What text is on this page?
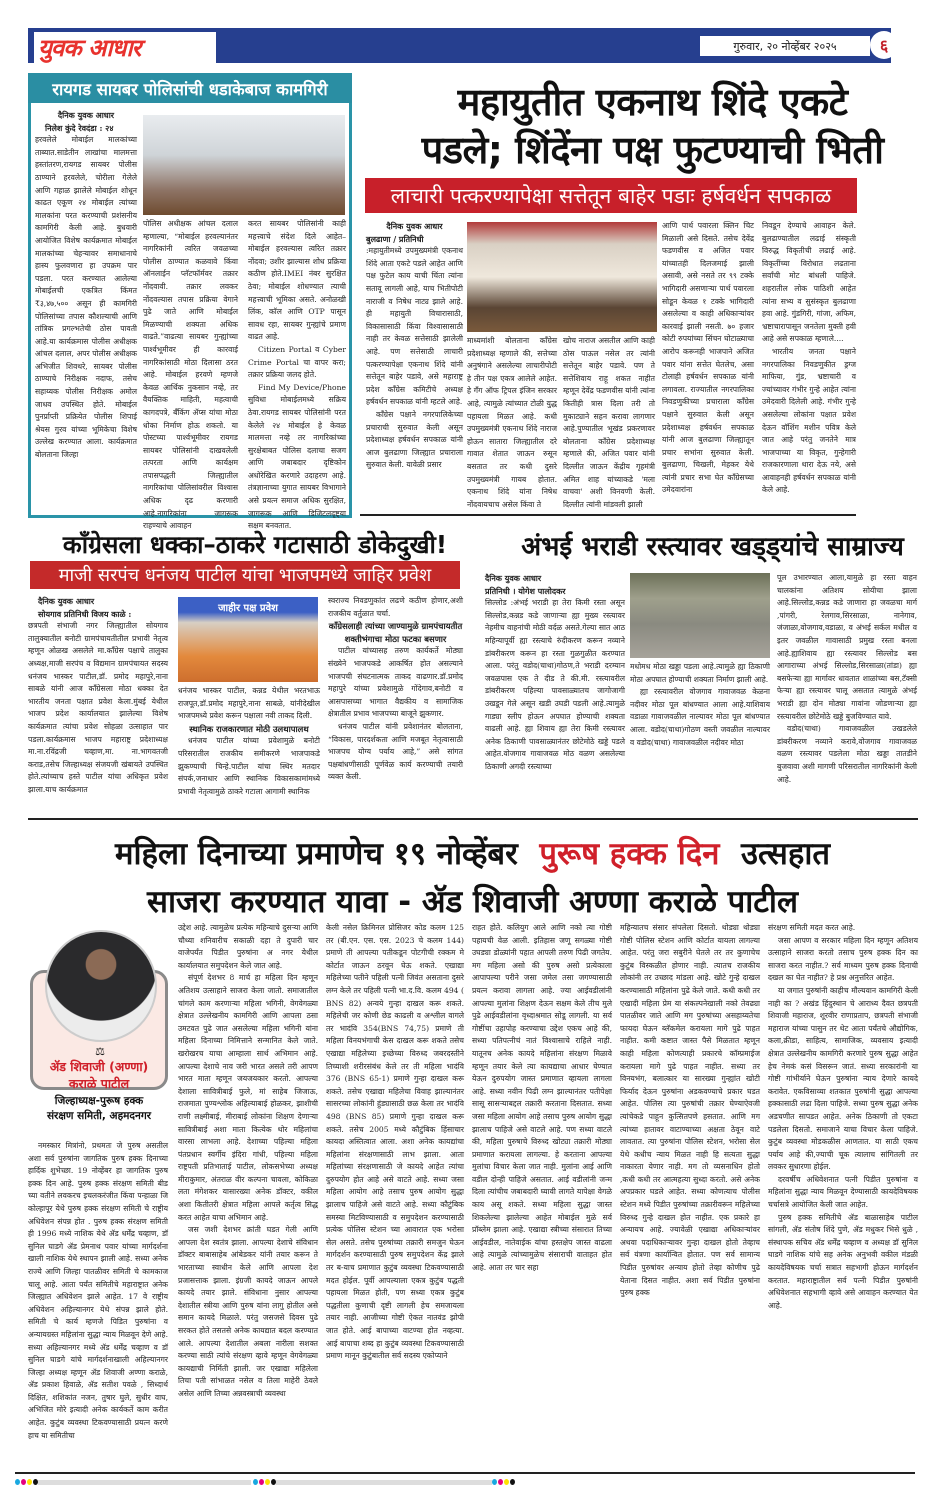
युवक आधार	गुरुवार, २० नोव्हेंबर २०२५	६
रायगड सायबर पोलिसांची धडाकेबाज कामगिरी
दैनिक युवक आधार
निलेश कुंदे रेवदंडा : २४
हरवलेले मोबाईल मालकांच्या ताब्यात.साडेतीन लाखांचा मालमत्ता हस्तांतरण,रायगड सायबर पोलीस ठाण्याने हरवलेले, चोरीला गेलेले आणि गहाळ झालेले मोबाईल शोधून काढत एकूण २४ मोबाईल त्यांच्या मालकांना परत करण्याची प्रशंसनीय कामगिरी केली आहे. बुधवारी आयोजित विशेष कार्यक्रमात मोबाईल मालकांच्या चेहऱ्यावर समाधानाचे हास्य फुलवणारा हा उपक्रम पार पडला. परत करण्यात आलेल्या मोबाईलची एकत्रित किंमत ₹३,४७,५०० असून ही कामगिरी पोलिसांच्या तपास कौशल्याची आणि तांत्रिक प्रगल्भतेची ठोस पावती आहे.या कार्यक्रमास पोलीस अधीक्षक आंचल दलाल, अपर पोलीस अधीक्षक अभिजीत शिवथरे, सायबर पोलीस ठाण्याचे निरीक्षक नदाफ, तसेच सहाय्यक पोलीस निरीक्षक अमोल जाधव उपस्थित होते. मोबाईल पुनर्प्राप्ती प्रक्रियेत पोलीस शिपाई श्रेयस गुरव यांच्या भूमिकेचा विशेष उल्लेख करण्यात आला. कार्यक्रमात बोलताना जिल्हा
पोलिस अधीक्षक आंचल दलाल म्हणाल्या, “मोबाईल हरवल्यानंतर नागरिकांनी त्वरित जवळच्या पोलीस ठाण्यात कळवावे किंवा ऑनलाईन प्लॅटफॉर्मवर तक्रार नोंदवावी. तक्रार लवकर नोंदवल्यास तपास प्रक्रिया वेगाने पुढे जाते आणि मोबाईल मिळण्याची शक्यता अधिक वाढते.”वाढत्या सायबर गुन्ह्यांच्या पार्श्वभूमीवर ही कारवाई नागरिकांसाठी मोठा दिलासा ठरत आहे. मोबाईल हरवणे म्हणजे केवळ आर्थिक नुकसान नव्हे, तर वैयक्तिक माहिती, महत्वाची कागदपत्रे, बँकिंग ॲप्स यांचा मोठा धोका निर्माण होऊ शकतो. या पोस्टच्या पार्श्वभूमीवर रायगड सायबर पोलिसांनी दाखवलेली तत्परता आणि कार्यक्षम तपासपद्धती जिल्ह्यातील नागरिकांचा पोलिसांवरील विश्वास अधिक दृढ करणारी आहे.नागरिकांना जागरूक राहण्याचे आवाहन
करत सायबर पोलिसांनी काही महत्त्वाचे संदेश दिले आहेत– मोबाईल हरवल्यास त्वरित तक्रार नोंदवा; उशीर झाल्यास शोध प्रक्रिया कठीण होते.IMEI नंबर सुरक्षित ठेवा; मोबाईल शोधण्यात त्याची महत्त्वाची भूमिका असते. अनोळखी लिंक, कॉल आणि OTP पासून सावध रहा, सायबर गुन्ह्यांचे प्रमाण वाढत आहे.

Citizen Portal व Cyber Crime Portal चा वापर करा; तक्रार प्रक्रिया जलद होते.

Find My Device/Phone सुविधा मोबाईलमध्ये सक्रिय ठेवा.रायगड सायबर पोलिसांनी परत केलेले २४ मोबाईल हे केवळ मालमत्ता नव्हे तर नागरिकांच्या सुरक्षेबाबत पोलिस दलाचा सजग आणि जबाबदार दृष्टिकोन अधोरेखित करणारे उदाहरण आहे. तंत्रज्ञानाच्या युगात सायबर विभागाने असे प्रयत्न समाज अधिक सुरक्षित, जागरूक आणि डिजिटलदृष्ट्या सक्षम बनवतात.

महायुतीत एकनाथ शिंदे एकटे
पडले; शिंदेंना पक्ष फुटण्याची भिती
लाचारी पत्करण्यापेक्षा सत्तेतून बाहेर पडाः हर्षवर्धन सपकाळ
दैनिक युवक आधार
बुलढाणा / प्रतिनिधी
:महायुतीमध्ये उपमुख्यमंत्री एकनाथ शिंदे आता एकटे पडले आहेत आणि पक्ष फुटेल काय याची चिंता त्यांना सतावू लागली आहे, याच भितीपोटी नाराजी व निषेध नाट्य झाले आहे. ही महायुती विचारासाठी, विकासासाठी किंवा विश्वासासाठी नाही तर केवळ सत्तेसाठी झालेली आहे. पण सत्तेसाठी लाचारी पत्करण्यापेक्षा एकनाथ शिंदे यांनी सत्तेतून बाहेर पडावे, असे महाराष्ट्र प्रदेश काँग्रेस कमिटीचे अध्यक्ष हर्षवर्धन सपकाळ यांनी म्हटले आहे.

काँग्रेस पक्षाने नगरपालिकेच्या प्रचाराची सुरुवात केली असून प्रदेशाध्यक्ष हर्षवर्धन सपकाळ यांनी आज बुलढाणा जिल्ह्यात प्रचाराला सुरुवात केली. यावेळी प्रसार

माध्यमांशी बोलताना काँग्रेस प्रदेशाध्यक्ष म्हणाले की, सत्तेच्या अनुषंगाने असलेल्या लाचारीपोटी हे तीन पक्ष एकत्र आलेले आहेत. हे गँग ऑफ ट्रिपल इंजिन सरकार आहे, त्यामुळे त्यांच्यात टोळी युद्ध पहायला मिळत आहे. कधी उपमुख्यमंत्री एकनाथ शिंदे नाराज होऊन सातारा जिल्ह्यातील दरे गावात शेतात जाऊन रुसून बसतात तर कधी दुसरे उपमुख्यमंत्री गायब होतात. एकनाथ शिंदे यांना निषेध नोंदवायचाच असेल किंवा ते
खोच नाराज असतील आणि काही ठोस पाऊल नसेल तर त्यांनी सत्तेतून बाहेर पडावे. पण ते सत्तेशिवाय राहू शकत नाहीत म्हणून देवेंद्र फडणवीस यांनी त्यांना कितीही त्रास दिला तरी तो मुकाट्याने सहन करावा लागणार आहे.पुण्यातील भूखंड प्रकरणावर बोलताना काँग्रेस प्रदेशाध्यक्ष म्हणाले की, अजित पवार यांनी दिल्लीत जाऊन केंद्रीय गृहमंत्री अमित शाह यांच्याकडे 'मला वाचवा' अशी विनवणी केली. दिल्लीत त्यांनी मांडवली झाली
आणि पार्थ पवारला क्लिन चिट मिळाली असे दिसते. तसेच देवेंद्र फडणवीस व अजित पवार यांच्यातही दिलजमाई झाली असावी, असे नसते तर ९९ टक्के भागिदारी असणाऱ्या पार्थ पवारला सोडून केवळ १ टक्के भागिदारी असलेल्या व काही अधिकाऱ्यांवर कारवाई झाली नसती. ७० हजार कोटी रुपयांच्या सिंचन घोटाळ्याचा आरोप करूनही भाजपाने अजित पवार यांना सत्तेत घेतलेच, असा टोलाही हर्षवर्धन सपकाळ यांनी लगावला. राज्यातील नगरपालिका निवडणुकीच्या प्रचाराला काँग्रेस पक्षाने सुरुवात केली असून प्रदेशाध्यक्ष हर्षवर्धन सपकाळ यांनी आज बुलढाणा जिल्ह्यातून प्रचार सभांना सुरुवात केली. बुलढाणा, चिखली, मेहकर येथे त्यांनी प्रचार सभा घेत काँग्रेसच्या उमेदवारांना
निवडून देण्याचे आवाहन केले. बुलढाण्यातील लढाई संस्कृती विरुद्ध विकृतीची लढाई आहे. विकृतींच्या विरोधात लढताना सर्वांची मोट बांधली पाहिजे. शहरातील लोक पाठिशी आहेत त्यांना सभ्य व सुसंस्कृत बुलढाणा हवा आहे. गुंडगिरी, गांजा, अफिम, भ्रष्टाचारापासून जनतेला मुक्ती हवी आहे असे सपकाळ म्हणाले....

भारतीय जनता पक्षाने नगरपालिका निवडणुकीत ड्रग्ज माफिया, गुंड, भ्रष्टाचारी व ज्यांच्यावर गंभीर गुन्हे आहेत त्यांना उमेदवारी दिलेली आहे. गंभीर गुन्हे असलेल्या लोकांना पक्षात प्रवेश देऊन वॉशिंग मशीन पवित्र केले जात आहे परंतु जनतेने मात्र भाजपाच्या या विकृत, गुन्हेगारी राजकारणाला थारा देऊ नये, असे आवाहनही हर्षवर्धन सपकाळ यांनी केले आहे.

काँग्रेसला धक्का–ठाकरे गटासाठी डोकेदुखी!
माजी सरपंच धनंजय पाटील यांचा भाजपमध्ये जाहिर प्रवेश
दैनिक युवक आधार
सोयगाव प्रतिनिधी विजय काळे :
छत्रपती संभाजी नगर जिल्ह्यातील सोयगाव तालुक्यातील बनोटी ग्रामपंचायतीतील प्रभावी नेतृत्व म्हणून ओळख असलेले मा.काँग्रेस पक्षाचे तालुका अध्यक्ष,माजी सरपंच व विद्यमान ग्रामपंचायत सदस्य धनंजय भास्कर पाटील,डॉ. प्रमोद महापुरे,नाना साबळे यांनी आज काँग्रेसला मोठा धक्का देत भारतीय जनता पक्षात प्रवेश केला.मुंबई येथील भाजप प्रदेश कार्यालयात झालेल्या विशेष कार्यक्रमात त्यांचा प्रवेश सोहळा उत्साहात पार पडला.कार्यक्रमास भाजप महाराष्ट्र प्रदेशाध्यक्ष मा.ना.रविंद्रजी चव्हाण,मा. ना.भागवतजी कराड,तसेच जिल्हाध्यक्ष संजयजी खंबायते उपस्थित होते.त्यांच्याच हस्ते पाटील यांचा अधिकृत प्रवेश झाला.याच कार्यक्रमात
जाहीर पक्ष प्रवेश
धनंजय भास्कर पाटील, कन्नड येथील भरतभाऊ राजपूत,डॉ.प्रमोद महापुरे,नाना साबळे, यांनीदेखील भाजपमध्ये प्रवेश करून पक्षाला नवी ताकद दिली.
स्थानिक राजकारणात मोठी उलथापालथ

धनंजय पाटील यांच्या प्रवेशामुळे बनोटी परिसरातील राजकीय समीकरणे भाजपाकडे झुकण्याची चिन्हे.पाटील यांचा स्थिर मतदार संपर्क,जनाधार आणि स्थानिक विकासकामांमध्ये प्रभावी नेतृत्वामुळे ठाकरे गटाला आगामी स्थानिक

स्वराज्य निवडणुकांत लढणे कठीण होणार,अशी राजकीय वर्तुळात चर्चा.
काँग्रेसलाही त्यांच्या जाण्यामुळे ग्रामपंचायतीत शक्तीभंगाचा मोठा फटका बसणार

पाटील यांच्यासह तरुण कार्यकर्ते मोठ्या संख्येने भाजपकडे आकर्षित होत असल्याने भाजपची संघटनात्मक ताकद वाढणार.डॉ.प्रमोद महापुरे यांच्या प्रवेशामुळे गोंदेगाव,बनोटी व आसपासच्या भागात वैद्यकीय व सामाजिक क्षेत्रातील प्रभाव भाजपच्या बाजूने झुकणार.

धनंजय पाटील यांनी प्रवेशानंतर बोलताना, “विकास, पारदर्शकता आणि मजबूत नेतृत्वासाठी भाजपच योग्य पर्याय आहे,” असे सांगत पक्षबांधणीसाठी पूर्णवेळ कार्य करण्याची तयारी व्यक्त केली.

अंभई भराडी रस्त्यावर खड्ड्यांचे साम्राज्य
दैनिक युवक आधार
प्रतिनिधी । योगेश पालोदकर
सिल्लोड :अंभई भराडी हा तेरा किमी रस्ता असून सिल्लोड,कन्नड कडे जाणाऱ्या ह्या मुख्य रस्त्यावर नेहमीच वाहनांची मोठी वर्दळ असते.गेल्या सात आठ महिन्यापूर्वी ह्या रस्त्याचे रुंदीकरण करून नव्याने डांबरीकरण करून हा रस्ता गुळगुळीत करण्यात आला. परंतु वडोद(चाथा)गोठण,ते भराडी दरम्यान जवळपास एक ते दीड ते की.मी. रस्त्यावरील डांबरीकरण पहिल्या पावसाळ्यातच जागोजागी उखडून गेले असून खडी उघडी पडली आहे.त्यामुळे गाड्या स्लीप होऊन अपघात होण्याची शक्यता वाढली आहे. ह्या शिवाय ह्या तेरा किमी रस्त्यावर अनेक ठिकाणी पावसाळ्यानंतर छोटेमोठे खड्डे पडले आहेत.वोजगाव गावाजवळ मोठ वळण असलेल्या ठिकाणी अगदी रस्त्याच्या
मधोमध मोठा खड्डा पडला आहे.त्यामुळे ह्या ठिकाणी मोठा अपघात होण्याची शक्यता निर्माण झाली आहे.

ह्या रस्त्यावरील वोजगाव गावाजवळ केळना नदीवर मोठा पूल बांधण्यात आला आहे.याशिवाय वडाळा गावाजवळील नाल्यावर मोठा पूल बांधण्यात आला. वडोद(चाथा)गोठण वस्ती जवळील नाल्यावर व वडोद(चाथा) गावाजवळील नदीवर मोठा

पूल उभारण्यात आला,यामुळे हा रस्ता वाहन चालकांना अतिशय सोयीचा झाला आहे.सिल्लोड,कन्नड कडे जाणारा हा जवळचा मार्ग ,पांगरी, रेलगाव,सिरसाळा, नानेगाव, जंजाळा,वोजगाव,वडाळा, व अंभई सर्कल मधील व इतर जवळील गावासाठी प्रमुख रस्ता बनला आहे.ह्याशिवाय ह्या रस्त्यावर सिल्लोड बस आगाराच्या अंभई सिल्लोड,सिरसाळा(तांडा) ह्या बसफेऱ्या ह्या मार्गावर धावतात शाळांच्या बस,टॅक्सी फेऱ्या ह्या रस्त्यावर चालू असतात त्यामुळे अंभई भराडी ह्या दोन मोठ्या गावांना जोडणाऱ्या ह्या रस्त्यावरील छोटेमोठे खड्डे बुजविण्यात यावे.

वडोद(चाथा) गावाजवळील उखडलेले डांबरीकरण नव्याने करावे,वोजगाव गावाजवळ वळण रस्त्यावर पडलेला मोठा खड्डा तातडीने बुजवावा अशी मागणी परिसरातील नागरिकांनी केली आहे.

महिला दिनाच्या प्रमाणेच १९ नोव्हेंबर पुरूष हक्क दिन उत्सहात
साजरा करण्यात यावा - ॲड शिवाजी अण्णा कराळे पाटील
⚖
ॲड शिवाजी (अण्णा)
कराळे पाटील
जिल्हाध्यक्ष-पुरूष हक्क
संरक्षण समिती, अहमदनगर

नमस्कार मित्रांनो, प्रथमतः जे पुरुष असतील अशा सर्व पुरुषांना जागतिक पुरुष हक्क दिनाच्या हार्दिक शुभेच्छा. 19 नोव्हेंबर हा जागतिक पुरुष हक्क दिन आहे. पुरुष हक्क संरक्षण समिती बीड च्या वतीने लवकरच इचलकरंजीत किंवा पन्हाळा जि कोल्हापूर येथे पुरुष हक्क संरक्षण समिती चे राष्ट्रीय अधिवेशन संपन्न होत . पुरुष हक्क संरक्षण समिती ही 1996 मध्ये नाशिक येथे ॲड धर्मेंद्र चव्हाण, डॉ सुनिल घाडगे ॲड प्रेमनाथ पवार यांच्या मार्गदर्शना खाली नाशिक येथे स्थापन झाली आहे. सध्या अनेक राज्ये आणि जिल्हा पातळीवर समिती चे कामकाज चालू आहे. आता पर्यंत समितीचे महाराष्ट्रात अनेक जिल्ह्यात अधिवेशन झाले आहेत. 17 वे राष्ट्रीय अधिवेशन अहिल्यानगर येथे संपन्न झाले होते. समिती चे कार्य म्हणजे पिडित पुरुषांना व अन्यायग्रस्त महिलांना सुद्धा न्याय मिळवून देणे आहे. सध्या अहिल्यानगर मध्ये ॲड धर्मेंद्र चव्हाण व डॉ सुनिल घाडगे यांचे मार्गदर्शनाखाली अहिल्यानगर जिल्हा अध्यक्ष म्हणून ॲड शिवाजी अण्णा कराळे, ॲड प्रकाश हिवाळे, ॲड सतीश पवळे , सिध्दार्थ दिक्षित, शशिकांत नजन, तुषार घुले, सुधीर वाघ, अभिजित मोरे इत्यादी अनेक कार्यकर्ते काम करीत आहेत. कुटुंब व्यवस्था टिकवण्यासाठी प्रयत्न करणे हाच या समितीचा

उद्देश आहे. त्यामुळेच प्रत्येक महिन्याचे दुसऱ्या आणि चौथ्या शनिवारीच सकाळी दहा ते दुपारी चार वाजेपर्यंत पिडीत पुरुषांना अ नगर येथील कार्यालयात समुपदेशन केले जात आहे.

संपूर्ण देशभर 8 मार्च हा महिला दिन म्हणून अतिशय उत्साहाने साजरा केला जातो. समाजातील चांगले काम करणाऱ्या महिला भगिनी, वेगवेगळ्या क्षेत्रात उल्लेखनीय कामगिरी आणि आपला ठसा उमटवत पुढे जात असलेल्या महिला भगिनी यांना महिला दिनाच्या निमित्ताने सन्मानित केले जाते. खरोखरच याचा आम्हाला सार्थ अभिमान आहे. आपल्या देशाचे नाव जरी भारत असले तरी आपण भारत माता म्हणून जयजयकार करतो. आपल्या देशाला सावित्रीबाई फुले, मां साहेब जिजाऊ, राजमाता पुण्यश्लोक अहिल्याबाई होळकर, झाशीची राणी लक्ष्मीबाई, मीराबाई लोकांना शिक्षण देणाऱ्या सावित्रीबाई अशा माता कित्येक थोर महिलांचा वारसा लाभला आहे. देशाच्या पहिल्या महिला पंतप्रधान स्वर्गीय इंदिरा गांधी, पहिल्या महिला राष्ट्रपती प्रतिभाताई पाटील, लोकसभेच्या अध्यक्ष मीराकुमार, अंतराळ वीर कल्पना चावला, कोकिळा लता मंगेशकर यासारख्या अनेक डॉक्टर, वकील अशा कितीतरी क्षेत्रात महिला आपले कर्तृत्व सिद्ध करत आहेत याचा अभिमान आहे.

जस जशी देशभर क्रांती घडत गेली आणि आपला देश स्वतंत्र झाला. आपल्या देशाचे संविधान डॉक्टर बाबासाहेब आंबेडकर यांनी तयार करून ते भारताच्या स्वाधीन केले आणि आपला देश प्रजासत्ताक झाला. इंग्रजी कायदे जाऊन आपले कायदे तयार झाले. संविधाना नुसार आपल्या देशातील स्त्रीया आणि पुरुष यांना लागु होतील असे समान कायदे मिळाले. परंतु जसजसे दिवस पुढे सरकत होते तसतसे अनेक कायद्यात बदल करण्यात आले. आपल्या देशातील अबला नारीला सशक्त करण्या साठी त्यांचे संरक्षण व्हावे म्हणून वेगवेगळ्या कायद्याची निर्मिती झाली. जर एखाद्या महिलेला तिचा पती सांभाळत नसेल व तिला माहेरी ठेवले असेल आणि तिच्या अन्नवस्त्राची व्यवस्था

केली नसेल क्रिमिनल प्रोसिजर कोड कलम 125 तर (बी.एन. एस. एस. 2023 चे कलम 144) प्रमाणे ती आपल्या पतीकडून पोटगीची रक्कम मे कोर्टात जाऊन ठरवून घेऊ शकते. एखाद्या महिलेच्या पतीने पहिली पत्नी जिवंत असताना दुसरे लग्न केले तर पहिली पत्नी भा.द.वि. कलम 494 ( BNS 82) अन्वये गुन्हा दाखल करू शकते. महिलेची जर कोणी छेड काढली व अश्लील वागले तर भादंवि 354(BNS 74,75) प्रमाणे ती महिला विनयभंगाची केस दाखल करू शकते तसेच एखाद्या महिलेच्या इच्छेच्या विरुध्द जबरदस्तीने तिच्याशी शरीरसंबंध केले तर ती महिला भादंवि 376 (BNS 65-1) प्रमाणे गुन्हा दाखल करू शकते. तसेच एखाद्या महिलेचा विवाह झाल्यानंतर सासरच्या लोकांनी हुंड्यासाठी छळ केला तर भादंवि 498 (BNS 85) प्रमाणे गुन्हा दाखल करू शकते. तसेच 2005 मध्ये कौटुंबिक हिंसाचार कायदा अस्तित्वात आला. अशा अनेक कायद्यांचा महिलांना संरक्षणासाठी लाभ झाला. आता महिलांच्या संरक्षणासाठी जे कायदे आहेत त्यांचा दुरुपयोग होत आहे असे वाटते आहे. सध्या जसा महिला आयोग आहे तसाच पुरुष आयोग सुद्धा झालाच पाहिजे असे वाटते आहे. सध्या कौटुंबिक समस्या मिटविण्यासाठी व समुपदेशन करण्यासाठी प्रत्येक पोलिस स्टेशन च्या आवारात एक भरोसा सेल असते. तसेच पुरुषांच्या तक्रारी समजुन घेऊन मार्गदर्शन करण्यासाठी पुरुष समुपदेशन केंद्र झाले तर ब-याच प्रमाणात कुटुंब व्यवस्था टिकवण्यासाठी मदत होईल. पूर्वी आपल्याला एकत्र कुटुंब पद्धती पहायला मिळत होती, पण सध्या एकत्र कुटुंब पद्धतीला कुणाची दृष्टी लागली हेच समजायला तयार नाही. आजीच्या गोष्टी ऐकत नातवंड झोपी जात होते. आई बापाच्या वाटण्या होत नव्हत्या. आई बापाचा शब्द हा कुटुंब व्यवस्था टिकवण्यासाठी प्रमाण मानून कुटुंबातील सर्व सदस्य एकोप्याने
राहत होते. कलियुग आले आणि नको त्या गोष्टी पहायची वेळ आली. इतिहास जणू सगळ्या गोष्टी उघड्या डोळ्यांनी पहात आपली तरुण पिढी जगतेय. मग महिला असो की पुरुष असो प्रत्येकाला आपापल्या परीने जसा जमेल तसा जगण्यासाठी प्रयत्न करावा लागला आहे. ज्या आईवडीलांनी आपल्या मुलांना शिक्षण देऊन सक्षम केले तीच मुले पुढे आईवडीलांना वृध्दाश्रमात सोडू लागली. या सर्व गोष्टींचा उहापोह करण्याचा उद्देश एकच आहे की, सध्या पतिपत्नीचं नातं विश्वासाचे राहिले नाही. यातूनच अनेक कायदे महिलांना संरक्षण मिळावे म्हणून तयार केले त्या कायद्याचा आधार घेण्यात येऊन दुरुपयोग जास्त प्रमाणात व्हायला लागला आहे. सध्या नवीन पिढी लग्न झाल्यानंतर पतीपेक्षा सासू सासऱ्याबद्दल तक्रारी करताना दिसतात. सध्या जसा महिला आयोग आहे तसाच पुरुष आयोग सुद्धा झालाच पाहिजे असे वाटले आहे. पण सध्या वाटले की, महिला पुरुषाचे विरुध्द खोट्या तक्रारी मोठ्या प्रमाणात करायला लागल्या. हे करताना आपल्या मुलांचा विचार केला जात नाही. मुलांना आई आणि वडील दोन्ही पाहिजे असतात. आई वडीलांनी जन्म दिला त्यांचीच जबाबदारी घ्यावी लागते यापेक्षा वेगळे काय असू शकते. सध्या महिला सुद्धा जास्त शिकलेल्या झालेल्या आहेत मोबाईल मुळे सर्व प्रॉब्लेम झाला आहे. एखाद्या स्त्रीच्या संसारात तिच्या आईवडील, नातेवाईक यांचा हस्तक्षेप जास्त वाढला आहे त्यामुळे त्यांच्यामुळेच संसाराची वाताहत होत आहे. आता तर चार सहा
महिन्यातच संसार संपलेला दिसतो. थोड्या थोड्या गोष्टी पोलिस स्टेशन आणि कोर्टात यायला लागल्या आहेत. परंतु जरा सबुरीने घेतले तर तर कुणाचेच कुटुंब विस्कळीत होणार नाही. त्यातच राजकीय लोकांनी तर उच्छाद मांडला आहे. खोटे गुन्हे दाखल करण्यासाठी महिलांना पुढे केले जाते. कधी कधी तर एखादी महिला प्रेम या संकल्पनेखाली नको तेवढ्या पातळीवर जाते आणि मग पुरुषांच्या असहाय्यतेचा फायदा घेऊन ब्लॅकमेल करायला मागे पुढे पाहत नाहीत. कमी कष्टात जास्त पैसे मिळतात म्हणून काही महिला कोणत्याही प्रकारचे कॉम्प्रमाईज करायला मागे पुढे पाहत नाहीत. सध्या तर विनयभंग, बलात्कार या सारख्या गुन्ह्यांत खोटी फिर्याद देऊन पुरुषांना अडकवण्याचे प्रकार घडत आहेत. पोलिस त्या पुरुषांची तक्रार घेण्याऐवजी त्यांचेकडे पाहून कुत्सितपणे हसतात. आणि मग त्यांच्या हातावर वाटाण्याच्या अक्षता ठेवून वाटे लावतात. त्या पुरुषांना पोलिस स्टेशन, भरोसा सेल येथे कधीच न्याय मिळत नाही हि सत्यता सुद्धा नाकारता येणार नाही. मग तो व्यसनाधिन होतो ,कधी कधी तर आत्महत्या सुध्दा करतो. असे अनेक अपप्रकार घडले आहेत. सध्या कोणत्याच पोलीस स्टेशन मध्ये पिडीत पुरुषांच्या तक्रारीवरून महिलेच्या विरुध्द गुन्हे दाखल होत नाहीत. एक प्रकारे हा अन्यायच आहे. ज्यावेळी एखाद्या अधिकाऱ्यांवर अथवा पदाधिकाऱ्यावर गुन्हा दाखल होतो तेव्हाच सर्व यंत्रणा कार्यान्वित होतात. पण सर्व सामान्य पिडीत पुरुषांवर अन्याय होतो तेव्हा कोणीच पुढे येताना दिसत नाहीत. अशा सर्व पिडीत पुरुषांना पुरुष हक्क
संरक्षण समिती मदत करत आहे.

जसा आपण व सरकार महिला दिन म्हणून अतिशय उत्साहाने साजरा करतो तसाच पुरुष हक्क दिन का साजरा करत नाहीत.? सर्व माध्यम पुरुष हक्क दिनाची दखल का घेत नाहीत? हे प्रश्न अनुत्तरित आहेत.

या जगात पुरुषांनी काहीच मौल्यवान कामगिरी केली नाही का ? अखंड हिंदुस्थान चे आराध्य दैवत छत्रपती शिवाजी महाराज, शूरवीर राणाप्रताप, छत्रपती संभाजी महाराज यांच्या पासुन तर थेट आता पर्यंतचे औद्योगिक, कला,क्रीडा, साहित्य, सामाजिक, व्यवसाय इत्यादी क्षेत्रात उल्लेखनीय कामगिरी करणारे पुरुष सुद्धा आहेत हेच नेमकं कसं विसरून जातं. सध्या सरकारांनी या गोष्टी गांभीर्याने घेऊन पुरुषांना न्याय देणारे कायदे करावेत. एकविसाव्या शतकात पुरुषांनी सुद्धा आपल्या हक्कासाठी लढा दिला पाहिजे. सध्या पुरुष सुद्धा अनेक अडचणीत सापडत आहेत. अनेक ठिकाणी तो एकटा पडलेला दिसतो. समाजाने याचा विचार केला पाहिजे. कुटुंब व्यवस्था मोडकळीस आणतात. या साठी एकच पर्याय आहे की,ज्याची चूक त्यालाच सांगितली तर लवकर सुधारणा होईल.

दरवर्षीच अधिवेशनात पत्नी पिडीत पुरुषांना व महिलांना सुद्धा न्याय मिळवून देण्यासाठी कायदेविषयक चर्चासत्रे आयोजित केली जात आहेत.

पुरुष हक्क समितीचे ॲड बाळासाहेब पाटील सांगली, ॲड संतोष शिंदे पुणे, ॲड मधुकर भिसे धुळे , संस्थापक सचिव ॲड धर्मेंद्र चव्हाण व अध्यक्ष डॉ सुनिल घाडगे नाशिक यांचे सह अनेक अनुभवी वकील मंडळी कायदेविषयक चर्चा सत्रात सहभागी होऊन मार्गदर्शन करतात. महाराष्ट्रातील सर्व पत्नी पिडीत पुरुषांनी अधिवेशनात सहभागी व्हावे असे आवाहन करण्यात येत आहे.
